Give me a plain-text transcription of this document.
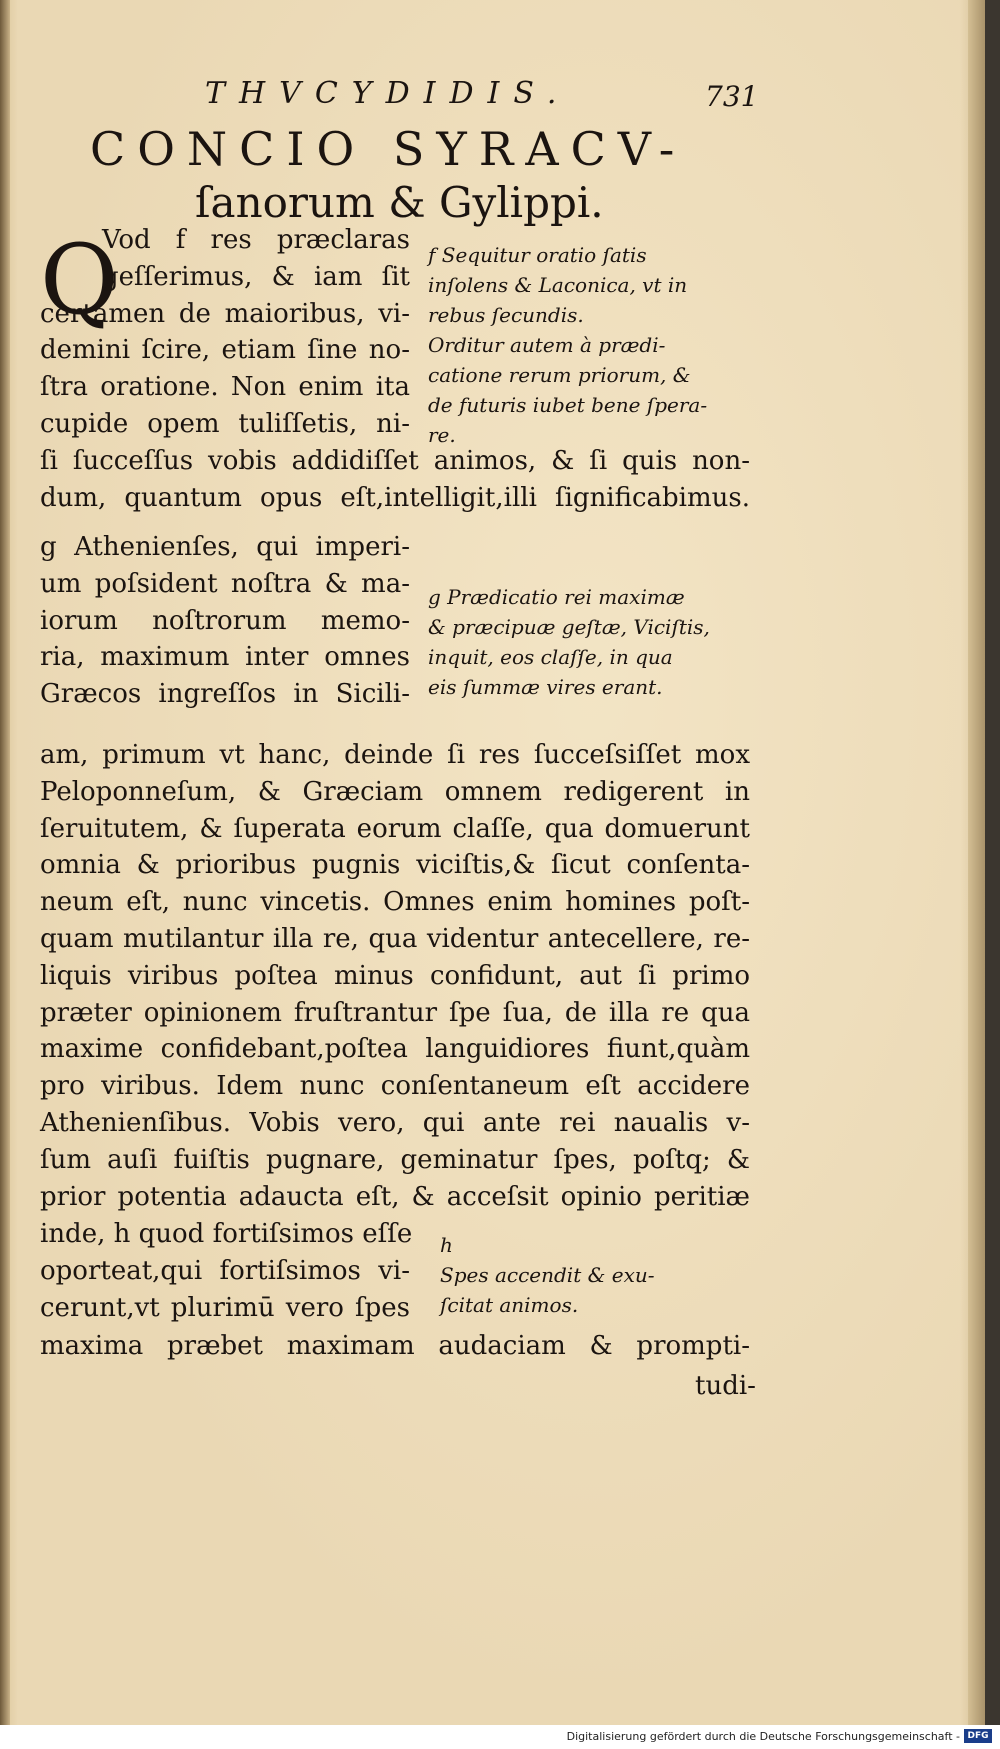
THVCYDIDIS.	731
CONCIO SYRACV-
ſanorum & Gylippi.
Q
Vod f res præclaras
geſſerimus, & iam ſit
certamen de maioribus, vi-
demini ſcire, etiam ſine no-
ſtra oratione. Non enim ita
cupide opem tuliſſetis, ni-
ſi ſucceſſus vobis addidiſſet animos, & ſi quis non-
dum, quantum opus eſt,intelligit,illi ſignificabimus.
g Athenienſes, qui imperi-
um poſsident noſtra & ma-
iorum noſtrorum memo-
ria, maximum inter omnes
Græcos ingreſſos in Sicili-
am, primum vt hanc, deinde ſi res ſucceſsiſſet mox
Peloponneſum, & Græciam omnem redigerent in
ſeruitutem, & ſuperata eorum claſſe, qua domuerunt
omnia & prioribus pugnis viciſtis,& ſicut conſenta-
neum eſt, nunc vincetis. Omnes enim homines poſt-
quam mutilantur illa re, qua videntur antecellere, re-
liquis viribus poſtea minus confidunt, aut ſi primo
præter opinionem fruſtrantur ſpe ſua, de illa re qua
maxime confidebant,poſtea languidiores fiunt,quàm
pro viribus. Idem nunc conſentaneum eſt accidere
Athenienſibus. Vobis vero, qui ante rei naualis v-
ſum auſi fuiſtis pugnare, geminatur ſpes, poſtq; &
prior potentia adaucta eſt, & acceſsit opinio peritiæ
inde, h quod fortiſsimos eſſe
oporteat,qui fortiſsimos vi-
cerunt,vt plurimū vero ſpes
maxima præbet maximam audaciam & prompti-
tudi-
f Sequitur oratio ſatis
inſolens & Laconica, vt in
rebus ſecundis.
Orditur autem à prædi-
catione rerum priorum, &
de futuris iubet bene ſpera-
re.
g Prædicatio rei maximæ
& præcipuæ geſtæ, Viciſtis,
inquit, eos claſſe, in qua
eis ſummæ vires erant.
h
Spes accendit & exu-
ſcitat animos.
Digitalisierung gefördert durch die Deutsche Forschungsgemeinschaft - DFG
